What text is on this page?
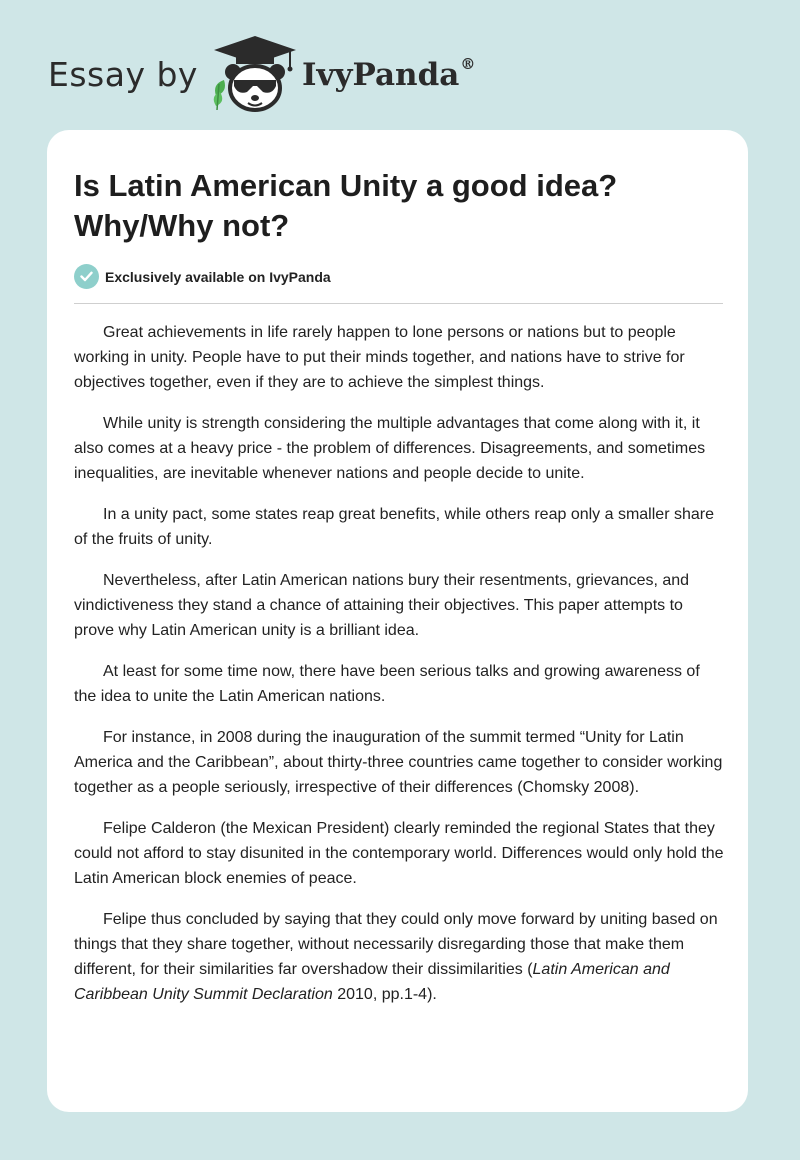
Essay by	IvyPanda®
Is Latin American Unity a good idea? Why/Why not?
Exclusively available on IvyPanda

Great achievements in life rarely happen to lone persons or nations but to people working in unity. People have to put their minds together, and nations have to strive for objectives together, even if they are to achieve the simplest things.

While unity is strength considering the multiple advantages that come along with it, it also comes at a heavy price - the problem of differences. Disagreements, and sometimes inequalities, are inevitable whenever nations and people decide to unite.

In a unity pact, some states reap great benefits, while others reap only a smaller share of the fruits of unity.

Nevertheless, after Latin American nations bury their resentments, grievances, and vindictiveness they stand a chance of attaining their objectives. This paper attempts to prove why Latin American unity is a brilliant idea.

At least for some time now, there have been serious talks and growing awareness of the idea to unite the Latin American nations.

For instance, in 2008 during the inauguration of the summit termed “Unity for Latin America and the Caribbean”, about thirty-three countries came together to consider working together as a people seriously, irrespective of their differences (Chomsky 2008).

Felipe Calderon (the Mexican President) clearly reminded the regional States that they could not afford to stay disunited in the contemporary world. Differences would only hold the Latin American block enemies of peace.

Felipe thus concluded by saying that they could only move forward by uniting based on things that they share together, without necessarily disregarding those that make them different, for their similarities far overshadow their dissimilarities (Latin American and Caribbean Unity Summit Declaration 2010, pp.1-4).
